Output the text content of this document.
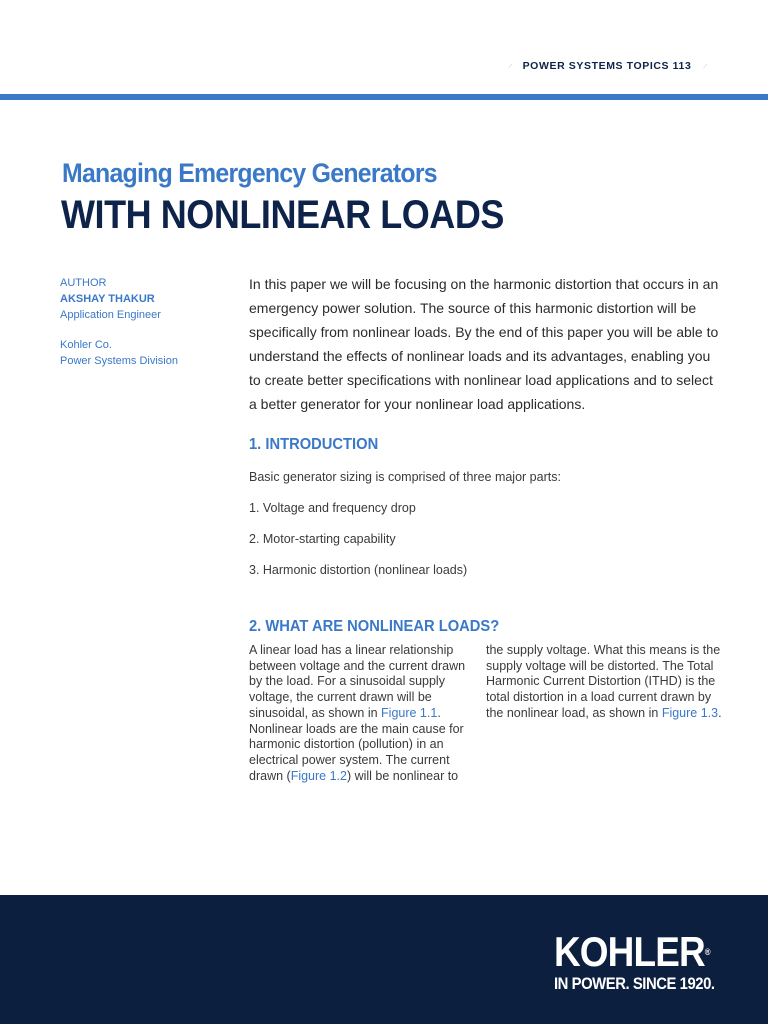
POWER SYSTEMS TOPICS 113
Managing Emergency Generators
WITH NONLINEAR LOADS
AUTHOR
AKSHAY THAKUR
Application Engineer
Kohler Co.
Power Systems Division

In this paper we will be focusing on the harmonic distortion that occurs in an emergency power solution. The source of this harmonic distortion will be specifically from nonlinear loads. By the end of this paper you will be able to understand the effects of nonlinear loads and its advantages, enabling you to create better specifications with nonlinear load applications and to select a better generator for your nonlinear load applications.

1. INTRODUCTION

Basic generator sizing is comprised of three major parts:

1. Voltage and frequency drop

2. Motor-starting capability

3. Harmonic distortion (nonlinear loads)

2. WHAT ARE NONLINEAR LOADS?

A linear load has a linear relationship between voltage and the current drawn by the load. For a sinusoidal supply voltage, the current drawn will be sinusoidal, as shown in Figure 1.1. Nonlinear loads are the main cause for harmonic distortion (pollution) in an electrical power system. The current drawn (Figure 1.2) will be nonlinear to

the supply voltage. What this means is the supply voltage will be distorted. The Total Harmonic Current Distortion (ITHD) is the total distortion in a load current drawn by the nonlinear load, as shown in Figure 1.3.

KOHLER®
IN POWER. SINCE 1920.
